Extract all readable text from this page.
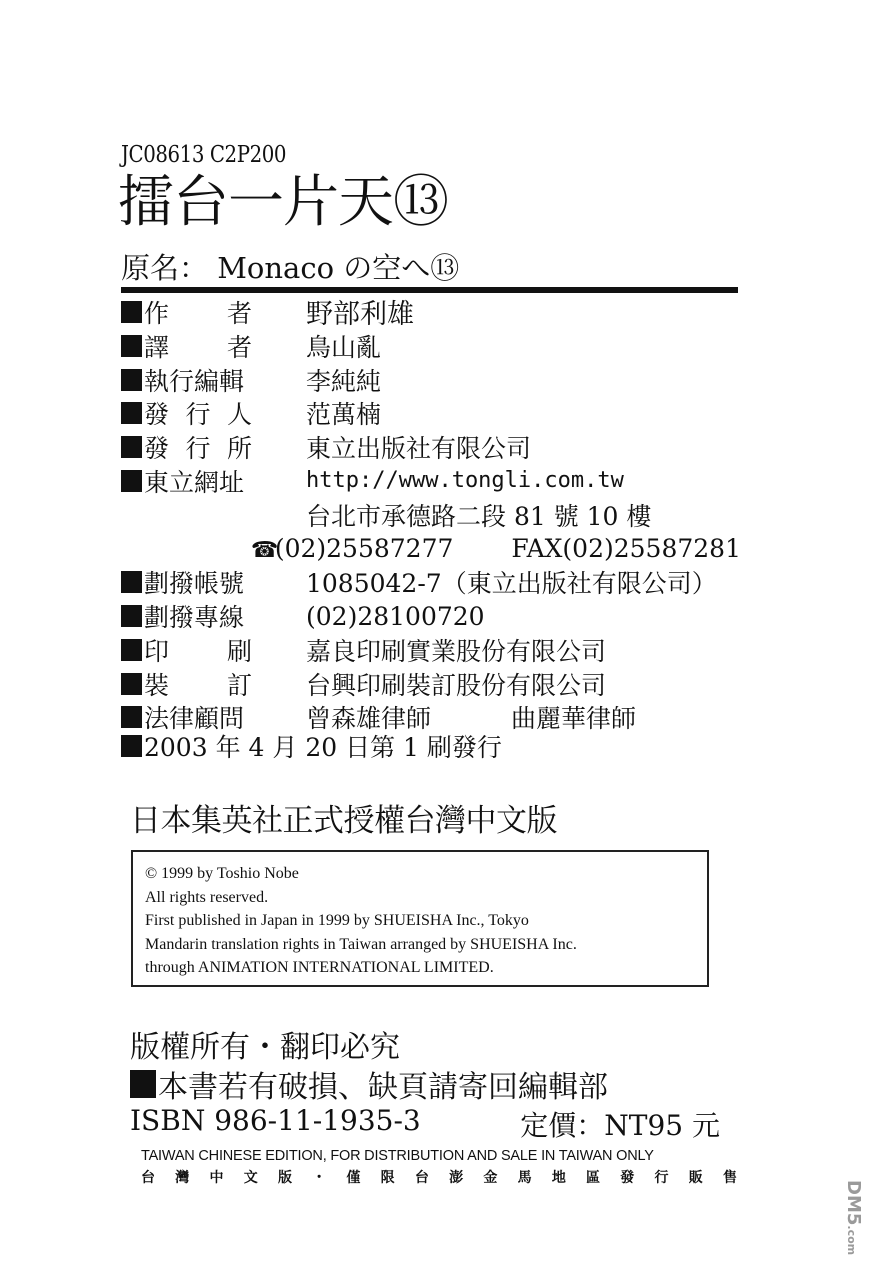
JC08613 C2P200
擂台一片天⑬
原名： Monaco の空へ⑬
作 者 野部利雄
譯 者 鳥山亂
執行編輯 李純純
發 行 人 范萬楠
發 行 所 東立出版社有限公司
東立網址	http://www.tongli.com.tw
台北市承德路二段 81 號 10 樓
☎(02)25587277 FAX(02)25587281
劃撥帳號 1085042-7（東立出版社有限公司）
劃撥專線 (02)28100720
印 刷 嘉良印刷實業股份有限公司
裝 訂 台興印刷裝訂股份有限公司
法律顧問 曾森雄律師	曲麗華律師
2003 年 4 月 20 日第 1 刷發行
日本集英社正式授權台灣中文版
© 1999 by Toshio Nobe
All rights reserved.
First published in Japan in 1999 by SHUEISHA Inc., Tokyo
Mandarin translation rights in Taiwan arranged by SHUEISHA Inc.
through ANIMATION INTERNATIONAL LIMITED.
版權所有・翻印必究
本書若有破損、缺頁請寄回編輯部
ISBN 986-11-1935-3	定價：NT95 元
TAIWAN CHINESE EDITION, FOR DISTRIBUTION AND SALE IN TAIWAN ONLY
台 灣 中 文 版 ・ 僅 限 台 澎 金 馬 地 區 發 行 販 售
DM5.com
